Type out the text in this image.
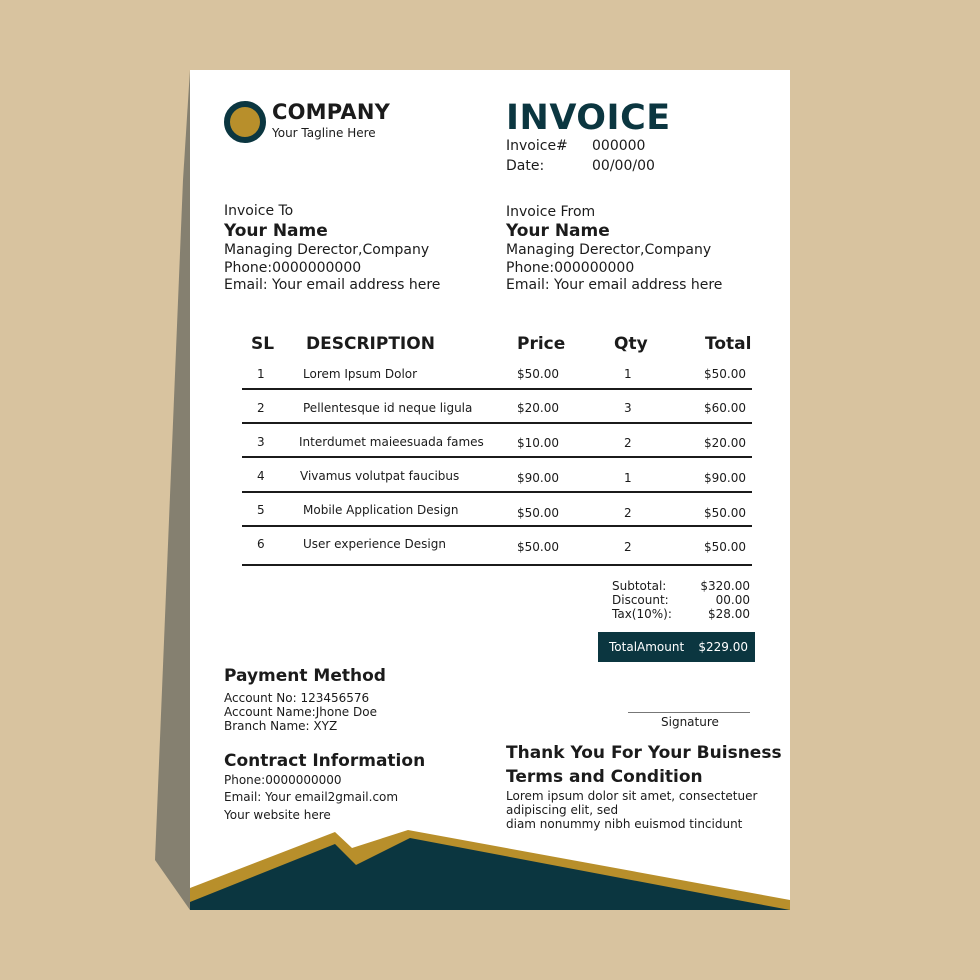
COMPANY
Your Tagline Here	INVOICE
Invoice# 000000
Date:	00/00/00
Invoice To
Your Name
Managing Derector,Company
Phone:0000000000
Email: Your email address here
Invoice From
Your Name
Managing Derector,Company
Phone:000000000
Email: Your email address here
SL DESCRIPTION	Price	Qty	Total
1	Lorem Ipsum Dolor	$50.00	1	$50.00
2	Pellentesque id neque ligula	$20.00	3	$60.00
3	Interdumet maieesuada fames	$10.00	2	$20.00
4	Vivamus volutpat faucibus	$90.00	1	$90.00
5	Mobile Application Design	$50.00	2	$50.00
6	User experience Design	$50.00	2	$50.00
Subtotal:	$320.00
Discount:	00.00
Tax(10%):	$28.00
TotalAmount $229.00
Payment Method
Account No: 123456576
Account Name:Jhone Doe
Branch Name: XYZ	Signature
Contract Information
Phone:0000000000
Email: Your email2gmail.com
Your website here
Thank You For Your Buisness
Terms and Condition
Lorem ipsum dolor sit amet, consectetuer
adipiscing elit, sed
diam nonummy nibh euismod tincidunt
